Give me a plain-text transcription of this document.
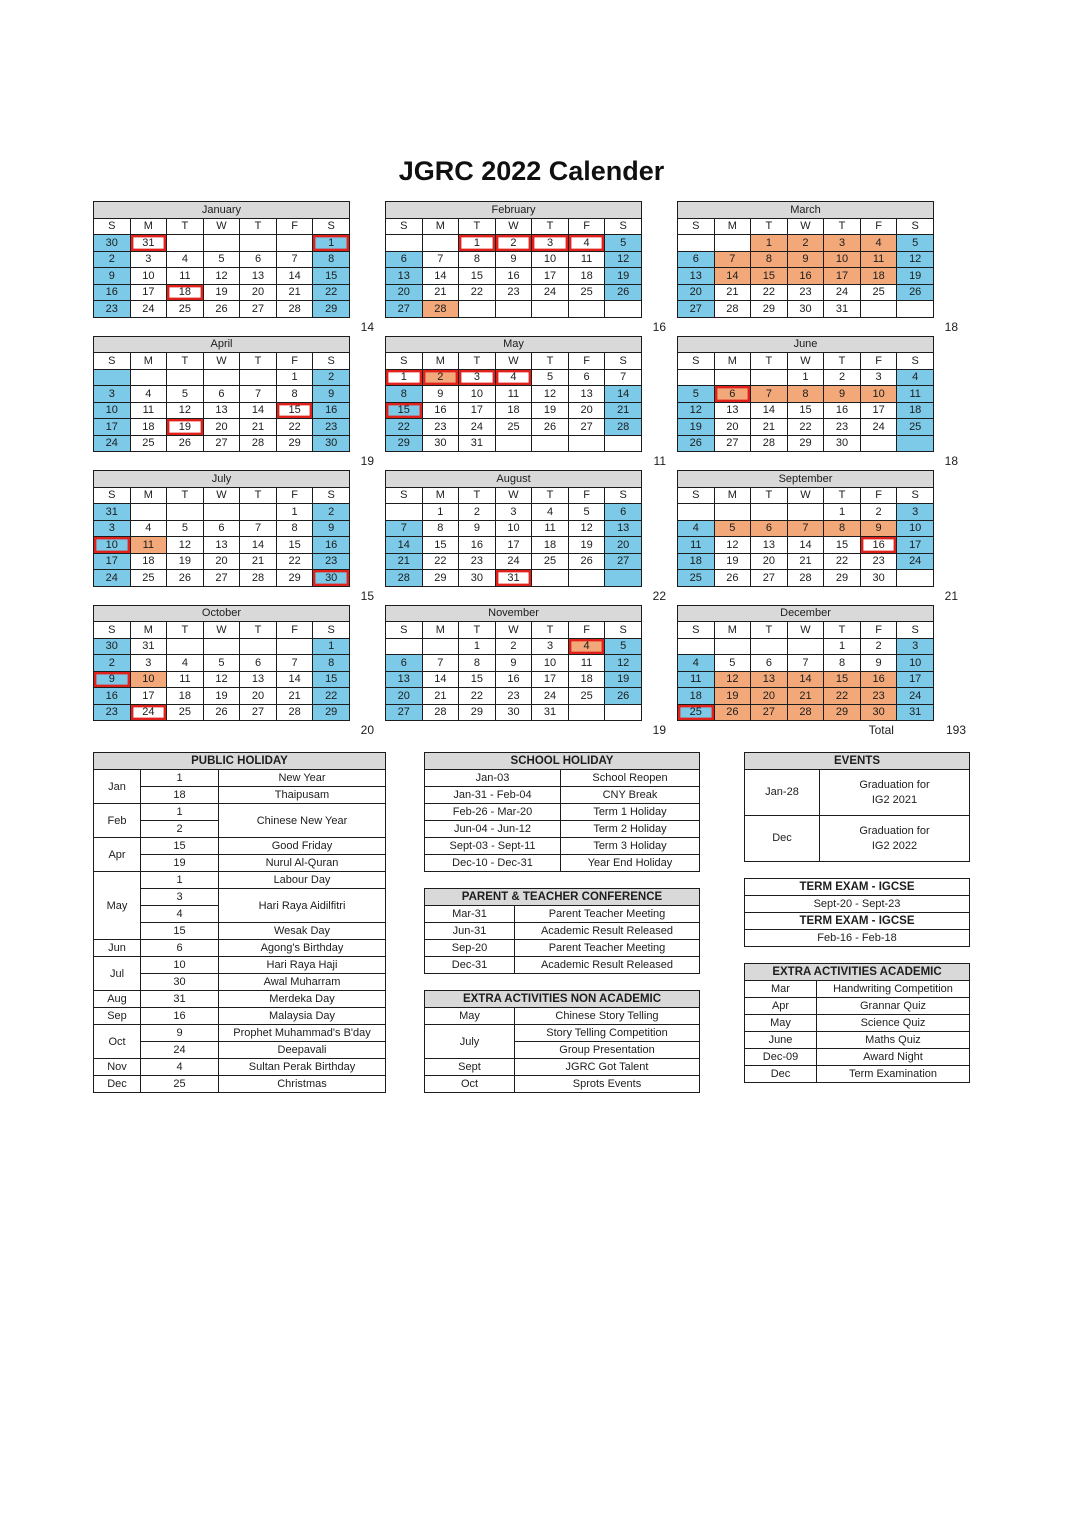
JGRC 2022 Calender
January						
S	M	T	W	T	F	S
30	31					1
2	3	4	5	6	7	8
9	10	11	12	13	14	15
16	17	18	19	20	21	22
23	24	25	26	27	28	29
14
February						
S	M	T	W	T	F	S
		1	2	3	4	5
6	7	8	9	10	11	12
13	14	15	16	17	18	19
20	21	22	23	24	25	26
27	28					
16
March						
S	M	T	W	T	F	S
		1	2	3	4	5
6	7	8	9	10	11	12
13	14	15	16	17	18	19
20	21	22	23	24	25	26
27	28	29	30	31		
18
April						
S	M	T	W	T	F	S
					1	2
3	4	5	6	7	8	9
10	11	12	13	14	15	16
17	18	19	20	21	22	23
24	25	26	27	28	29	30
19
May						
S	M	T	W	T	F	S
1	2	3	4	5	6	7
8	9	10	11	12	13	14
15	16	17	18	19	20	21
22	23	24	25	26	27	28
29	30	31				
11
June						
S	M	T	W	T	F	S
			1	2	3	4
5	6	7	8	9	10	11
12	13	14	15	16	17	18
19	20	21	22	23	24	25
26	27	28	29	30		
18
July						
S	M	T	W	T	F	S
31					1	2
3	4	5	6	7	8	9
10	11	12	13	14	15	16
17	18	19	20	21	22	23
24	25	26	27	28	29	30
15
August						
S	M	T	W	T	F	S
	1	2	3	4	5	6
7	8	9	10	11	12	13
14	15	16	17	18	19	20
21	22	23	24	25	26	27
28	29	30	31			
22
September						
S	M	T	W	T	F	S
				1	2	3
4	5	6	7	8	9	10
11	12	13	14	15	16	17
18	19	20	21	22	23	24
25	26	27	28	29	30	
21
October						
S	M	T	W	T	F	S
30	31					1
2	3	4	5	6	7	8
9	10	11	12	13	14	15
16	17	18	19	20	21	22
23	24	25	26	27	28	29
20
November						
S	M	T	W	T	F	S
		1	2	3	4	5
6	7	8	9	10	11	12
13	14	15	16	17	18	19
20	21	22	23	24	25	26
27	28	29	30	31		
19
December						
S	M	T	W	T	F	S
				1	2	3
4	5	6	7	8	9	10
11	12	13	14	15	16	17
18	19	20	21	22	23	24
25	26	27	28	29	30	31
Total	193
PUBLIC HOLIDAY		
Jan	1	New Year
	18	Thaipusam
Feb	1	Chinese New Year
	2	
Apr	15	Good Friday
	19	Nurul Al-Quran
May	1	Labour Day
	3	Hari Raya Aidilfitri
	4	
	15	Wesak Day
Jun	6	Agong's Birthday
Jul	10	Hari Raya Haji
	30	Awal Muharram
Aug	31	Merdeka Day
Sep	16	Malaysia Day
Oct	9	Prophet Muhammad's B'day
	24	Deepavali
Nov	4	Sultan Perak Birthday
Dec	25	Christmas
SCHOOL HOLIDAY	
Jan-03	School Reopen
Jan-31 - Feb-04	CNY Break
Feb-26 - Mar-20	Term 1 Holiday
Jun-04 - Jun-12	Term 2 Holiday
Sept-03 - Sept-11	Term 3 Holiday
Dec-10 - Dec-31	Year End Holiday
PARENT & TEACHER CONFERENCE	
Mar-31	Parent Teacher Meeting
Jun-31	Academic Result Released
Sep-20	Parent Teacher Meeting
Dec-31	Academic Result Released
EXTRA ACTIVITIES NON ACADEMIC	
May	Chinese Story Telling
July	Story Telling Competition
	Group Presentation
Sept	JGRC Got Talent
Oct	Sprots Events
EVENTS	
Jan-28	Graduation for
IG2 2021

Dec	Graduation for
IG2 2022
TERM EXAM - IGCSE
Sept-20 - Sept-23
TERM EXAM - IGCSE
Feb-16 - Feb-18
EXTRA ACTIVITIES ACADEMIC	
Mar	Handwriting Competition
Apr	Grannar Quiz
May	Science Quiz
June	Maths Quiz
Dec-09	Award Night
Dec	Term Examination
